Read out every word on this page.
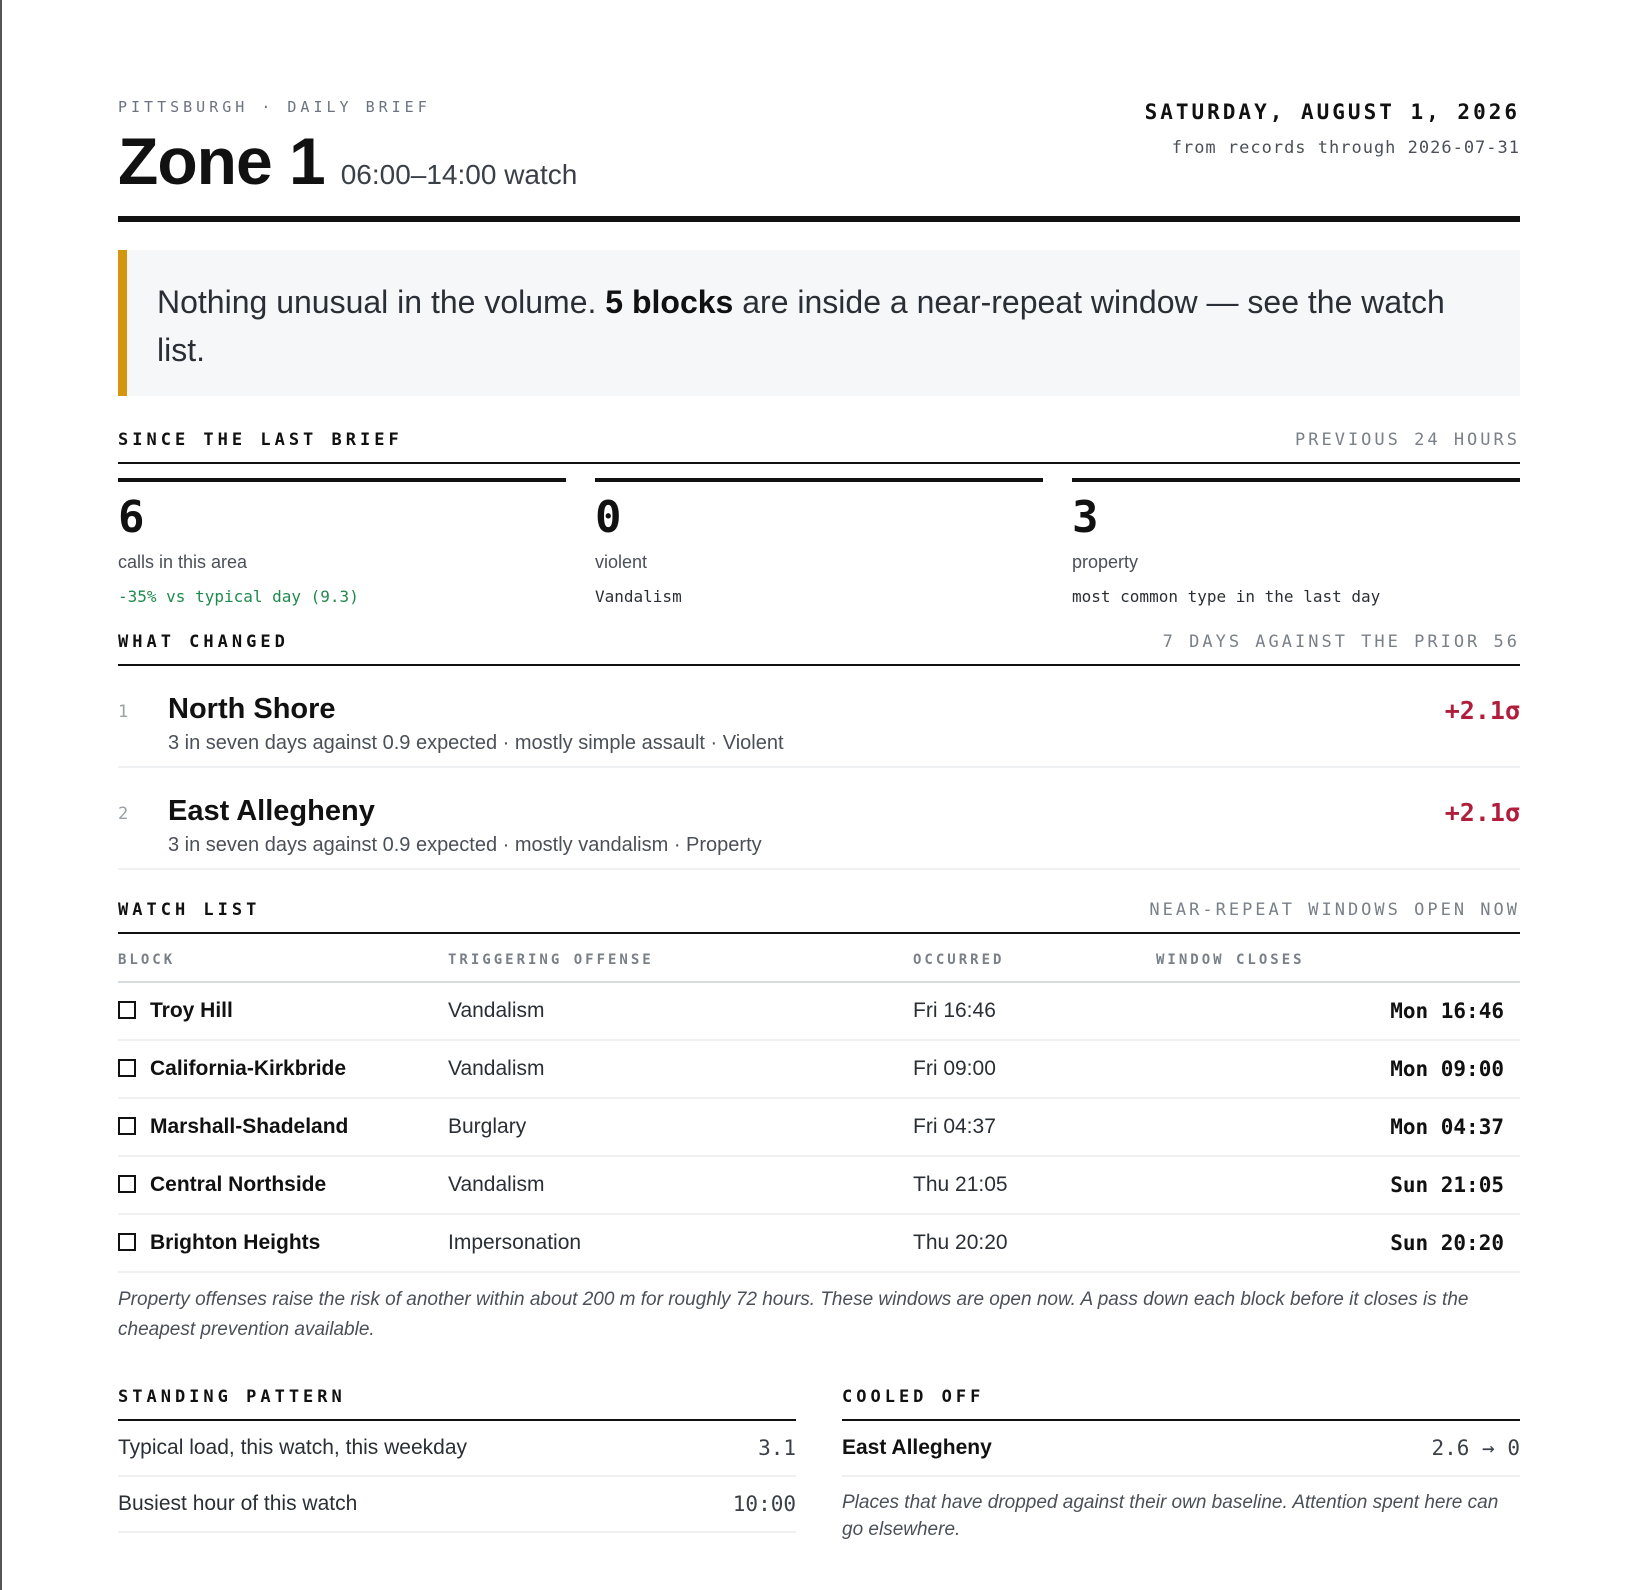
PITTSBURGH · DAILY BRIEF
Zone 1 06:00–14:00 watch
SATURDAY, AUGUST 1, 2026
from records through 2026-07-31
Nothing unusual in the volume. 5 blocks are inside a near-repeat window — see the watch list.
SINCE THE LAST BRIEF	PREVIOUS 24 HOURS
6
calls in this area
-35% vs typical day (9.3)
0
violent
Vandalism
3
property
most common type in the last day
WHAT CHANGED	7 DAYS AGAINST THE PRIOR 56
1	North Shore
3 in seven days against 0.9 expected · mostly simple assault · Violent
+2.1σ
2	East Allegheny
3 in seven days against 0.9 expected · mostly vandalism · Property
+2.1σ
WATCH LIST	NEAR-REPEAT WINDOWS OPEN NOW
BLOCK	TRIGGERING OFFENSE	OCCURRED	WINDOW CLOSES
Troy Hill	Vandalism	Fri 16:46	Mon 16:46
California-Kirkbride	Vandalism	Fri 09:00	Mon 09:00
Marshall-Shadeland	Burglary	Fri 04:37	Mon 04:37
Central Northside	Vandalism	Thu 21:05	Sun 21:05
Brighton Heights	Impersonation	Thu 20:20	Sun 20:20
Property offenses raise the risk of another within about 200 m for roughly 72 hours. These windows are open now. A pass down each block before it closes is the cheapest prevention available.
STANDING PATTERN
Typical load, this watch, this weekday	3.1
Busiest hour of this watch	10:00
COOLED OFF
East Allegheny	2.6 → 0
Places that have dropped against their own baseline. Attention spent here can go elsewhere.
